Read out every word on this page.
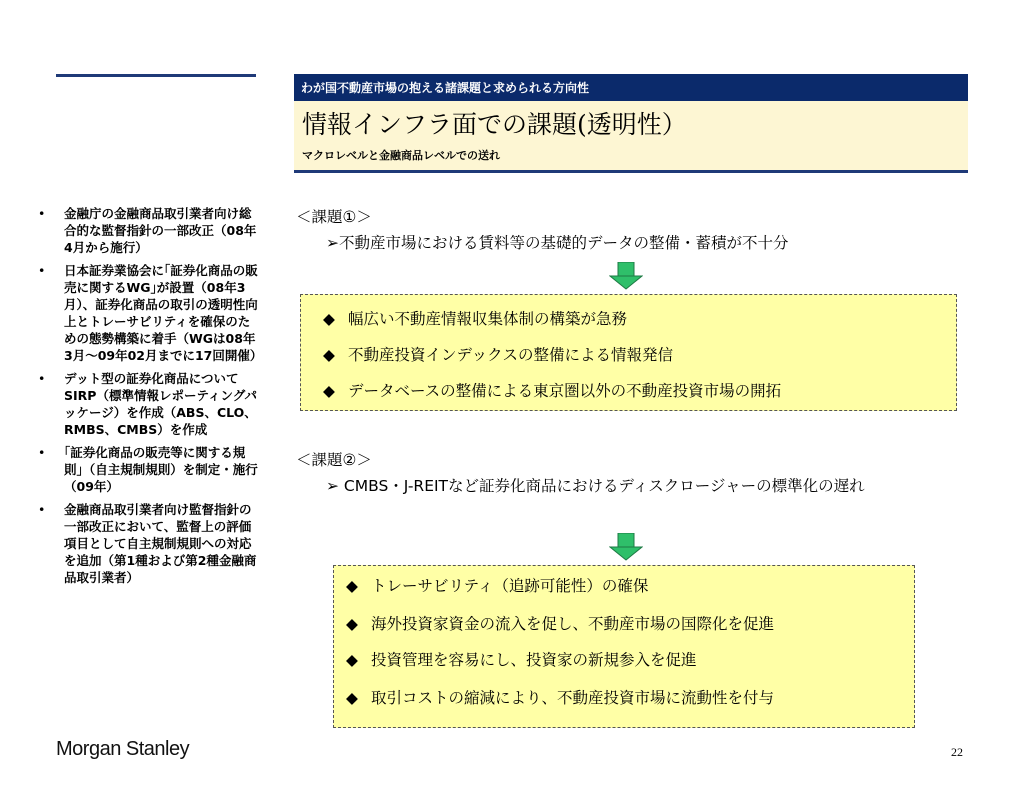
わが国不動産市場の抱える諸課題と求められる方向性
情報インフラ面での課題(透明性）
マクロレベルと金融商品レベルでの送れ
• 金融庁の金融商品取引業者向け総合的な監督指針の一部改正（08年4月から施行）
• 日本証券業協会に｢証券化商品の販売に関するWG｣が設置（08年3月）、証券化商品の取引の透明性向上とトレーサビリティを確保のための態勢構築に着手（WGは08年3月～09年02月までに17回開催）
• デット型の証券化商品についてSIRP（標準情報レポーティングパッケージ）を作成（ABS、CLO、RMBS、CMBS）を作成
• ｢証券化商品の販売等に関する規則｣（自主規制規則）を制定・施行（09年）
• 金融商品取引業者向け監督指針の一部改正において、監督上の評価項目として自主規制規則への対応を追加（第1種および第2種金融商品取引業者）
＜課題①＞
➢不動産市場における賃料等の基礎的データの整備・蓄積が不十分
◆ 幅広い不動産情報収集体制の構築が急務
◆ 不動産投資インデックスの整備による情報発信
◆ データベースの整備による東京圏以外の不動産投資市場の開拓
＜課題②＞
➢ CMBS・J-REITなど証券化商品におけるディスクロージャーの標準化の遅れ
◆ トレーサビリティ（追跡可能性）の確保
◆ 海外投資家資金の流入を促し、不動産市場の国際化を促進
◆ 投資管理を容易にし、投資家の新規参入を促進
◆ 取引コストの縮減により、不動産投資市場に流動性を付与
Morgan Stanley	22
